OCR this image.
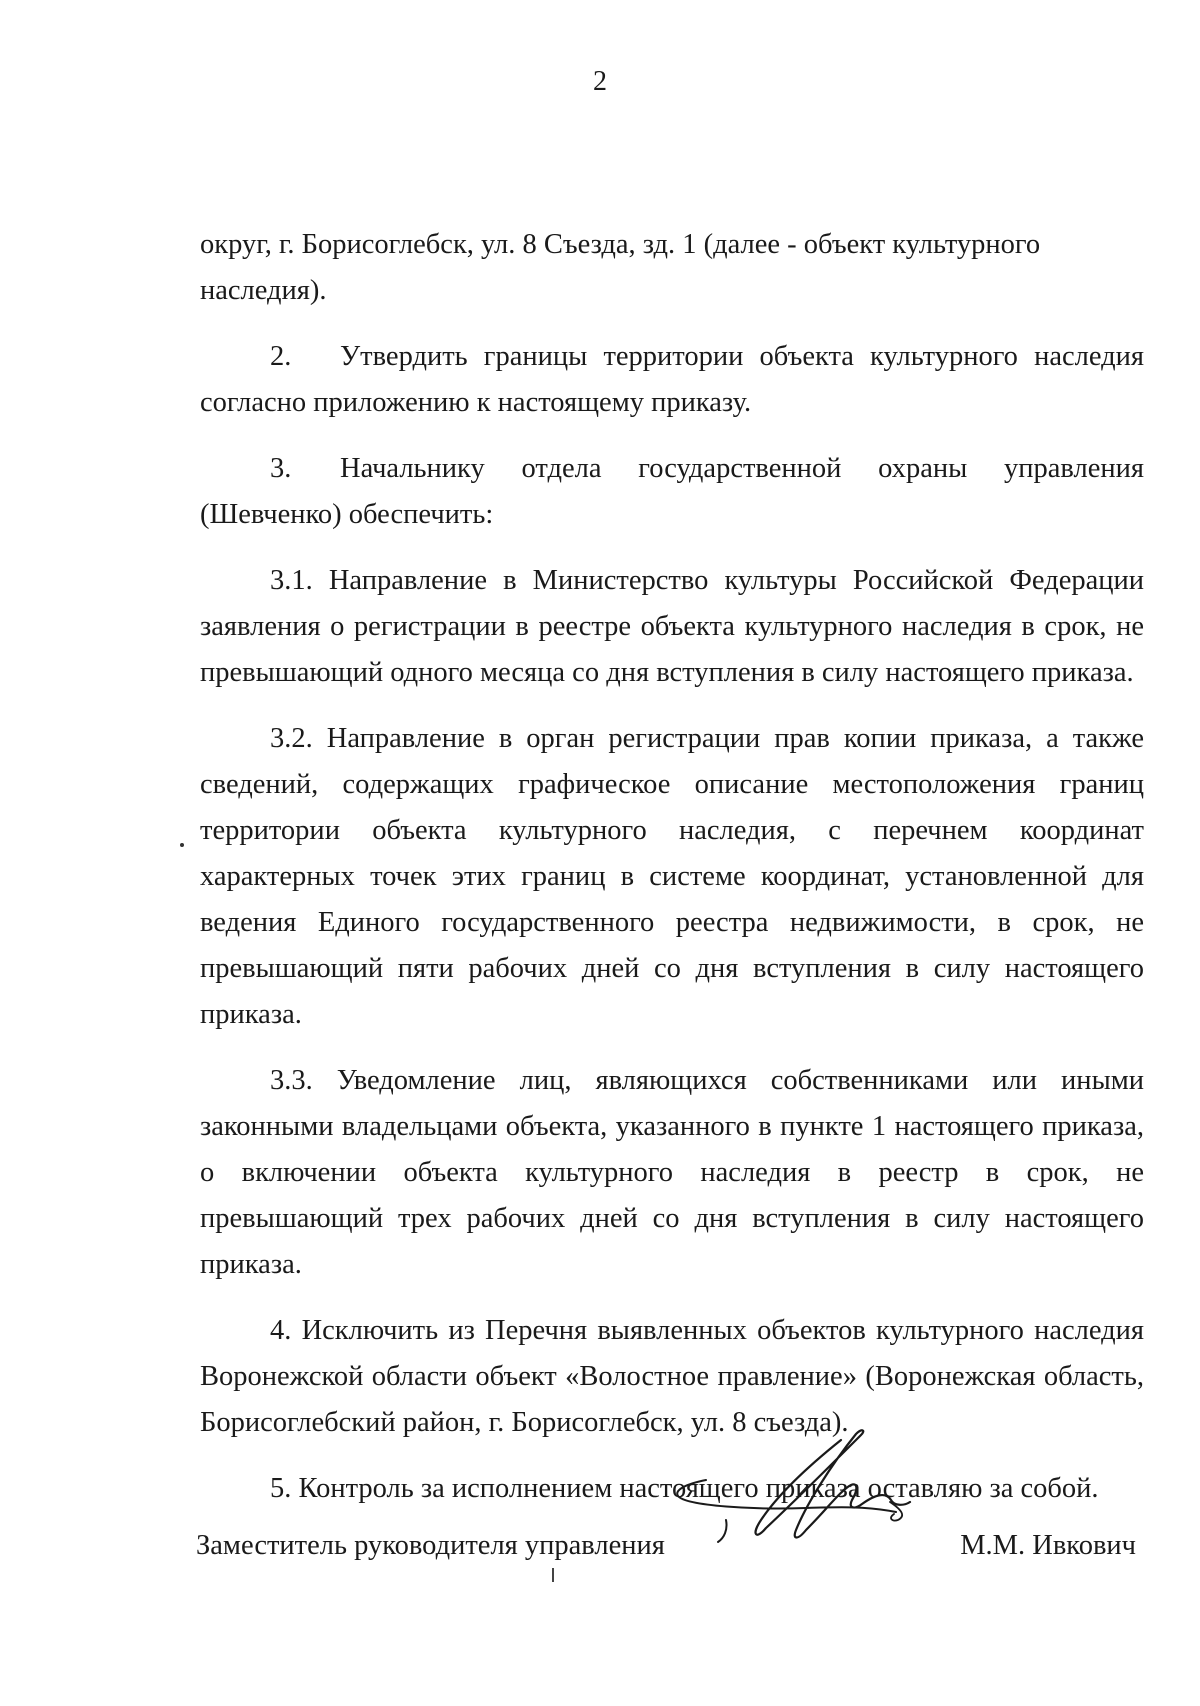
2

округ, г. Борисоглебск, ул. 8 Съезда, зд. 1 (далее - объект культурного наследия).

2. Утвердить границы территории объекта культурного наследия согласно приложению к настоящему приказу.

3. Начальнику отдела государственной охраны управления (Шевченко) обеспечить:

3.1. Направление в Министерство культуры Российской Федерации заявления о регистрации в реестре объекта культурного наследия в срок, не превышающий одного месяца со дня вступления в силу настоящего приказа.

3.2. Направление в орган регистрации прав копии приказа, а также сведений, содержащих графическое описание местоположения границ территории объекта культурного наследия, с перечнем координат характерных точек этих границ в системе координат, установленной для ведения Единого государственного реестра недвижимости, в срок, не превышающий пяти рабочих дней со дня вступления в силу настоящего приказа.

3.3. Уведомление лиц, являющихся собственниками или иными законными владельцами объекта, указанного в пункте 1 настоящего приказа, о включении объекта культурного наследия в реестр в срок, не превышающий трех рабочих дней со дня вступления в силу настоящего приказа.

4. Исключить из Перечня выявленных объектов культурного наследия Воронежской области объект «Волостное правление» (Воронежская область, Борисоглебский район, г. Борисоглебск, ул. 8 съезда).

5. Контроль за исполнением настоящего приказа оставляю за собой.

Заместитель руководителя управления	М.М. Ивкович
